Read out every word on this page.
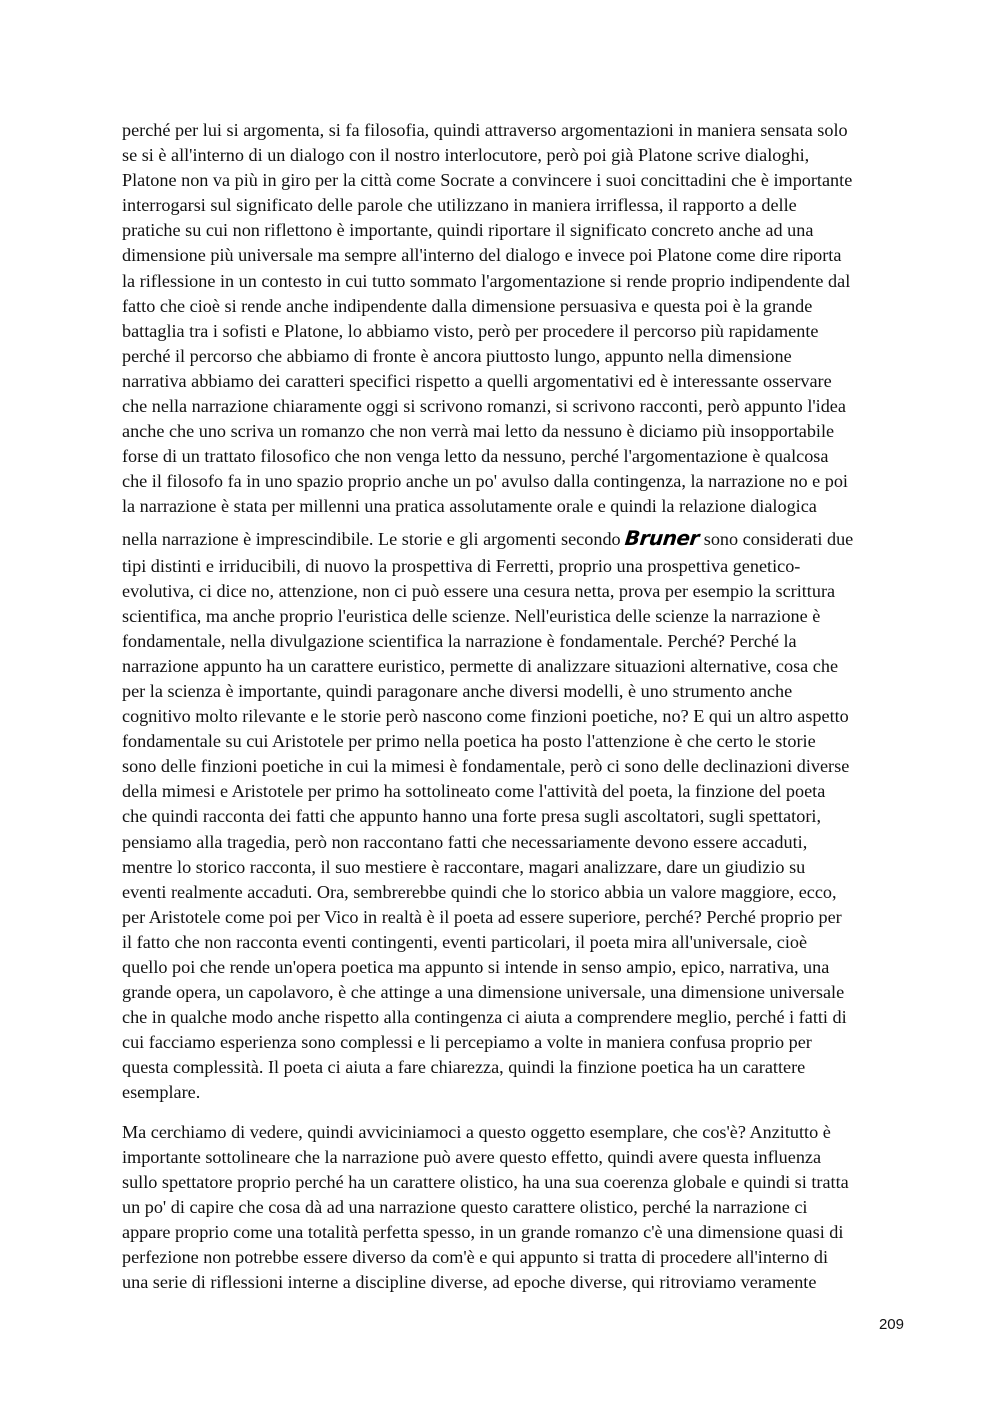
perché per lui si argomenta, si fa filosofia, quindi attraverso argomentazioni in maniera sensata solo
se si è all'interno di un dialogo con il nostro interlocutore, però poi già Platone scrive dialoghi,
Platone non va più in giro per la città come Socrate a convincere i suoi concittadini che è importante
interrogarsi sul significato delle parole che utilizzano in maniera irriflessa, il rapporto a delle
pratiche su cui non riflettono è importante, quindi riportare il significato concreto anche ad una
dimensione più universale ma sempre all'interno del dialogo e invece poi Platone come dire riporta
la riflessione in un contesto in cui tutto sommato l'argomentazione si rende proprio indipendente dal
fatto che cioè si rende anche indipendente dalla dimensione persuasiva e questa poi è la grande
battaglia tra i sofisti e Platone, lo abbiamo visto, però per procedere il percorso più rapidamente
perché il percorso che abbiamo di fronte è ancora piuttosto lungo, appunto nella dimensione
narrativa abbiamo dei caratteri specifici rispetto a quelli argomentativi ed è interessante osservare
che nella narrazione chiaramente oggi si scrivono romanzi, si scrivono racconti, però appunto l'idea
anche che uno scriva un romanzo che non verrà mai letto da nessuno è diciamo più insopportabile
forse di un trattato filosofico che non venga letto da nessuno, perché l'argomentazione è qualcosa
che il filosofo fa in uno spazio proprio anche un po' avulso dalla contingenza, la narrazione no e poi
la narrazione è stata per millenni una pratica assolutamente orale e quindi la relazione dialogica
nella narrazione è imprescindibile. Le storie e gli argomenti secondo Bruner sono considerati due
tipi distinti e irriducibili, di nuovo la prospettiva di Ferretti, proprio una prospettiva genetico-
evolutiva, ci dice no, attenzione, non ci può essere una cesura netta, prova per esempio la scrittura
scientifica, ma anche proprio l'euristica delle scienze. Nell'euristica delle scienze la narrazione è
fondamentale, nella divulgazione scientifica la narrazione è fondamentale. Perché? Perché la
narrazione appunto ha un carattere euristico, permette di analizzare situazioni alternative, cosa che
per la scienza è importante, quindi paragonare anche diversi modelli, è uno strumento anche
cognitivo molto rilevante e le storie però nascono come finzioni poetiche, no? E qui un altro aspetto
fondamentale su cui Aristotele per primo nella poetica ha posto l'attenzione è che certo le storie
sono delle finzioni poetiche in cui la mimesi è fondamentale, però ci sono delle declinazioni diverse
della mimesi e Aristotele per primo ha sottolineato come l'attività del poeta, la finzione del poeta
che quindi racconta dei fatti che appunto hanno una forte presa sugli ascoltatori, sugli spettatori,
pensiamo alla tragedia, però non raccontano fatti che necessariamente devono essere accaduti,
mentre lo storico racconta, il suo mestiere è raccontare, magari analizzare, dare un giudizio su
eventi realmente accaduti. Ora, sembrerebbe quindi che lo storico abbia un valore maggiore, ecco,
per Aristotele come poi per Vico in realtà è il poeta ad essere superiore, perché? Perché proprio per
il fatto che non racconta eventi contingenti, eventi particolari, il poeta mira all'universale, cioè
quello poi che rende un'opera poetica ma appunto si intende in senso ampio, epico, narrativa, una
grande opera, un capolavoro, è che attinge a una dimensione universale, una dimensione universale
che in qualche modo anche rispetto alla contingenza ci aiuta a comprendere meglio, perché i fatti di
cui facciamo esperienza sono complessi e li percepiamo a volte in maniera confusa proprio per
questa complessità. Il poeta ci aiuta a fare chiarezza, quindi la finzione poetica ha un carattere
esemplare.

Ma cerchiamo di vedere, quindi avviciniamoci a questo oggetto esemplare, che cos'è? Anzitutto è
importante sottolineare che la narrazione può avere questo effetto, quindi avere questa influenza
sullo spettatore proprio perché ha un carattere olistico, ha una sua coerenza globale e quindi si tratta
un po' di capire che cosa dà ad una narrazione questo carattere olistico, perché la narrazione ci
appare proprio come una totalità perfetta spesso, in un grande romanzo c'è una dimensione quasi di
perfezione non potrebbe essere diverso da com'è e qui appunto si tratta di procedere all'interno di
una serie di riflessioni interne a discipline diverse, ad epoche diverse, qui ritroviamo veramente

209
